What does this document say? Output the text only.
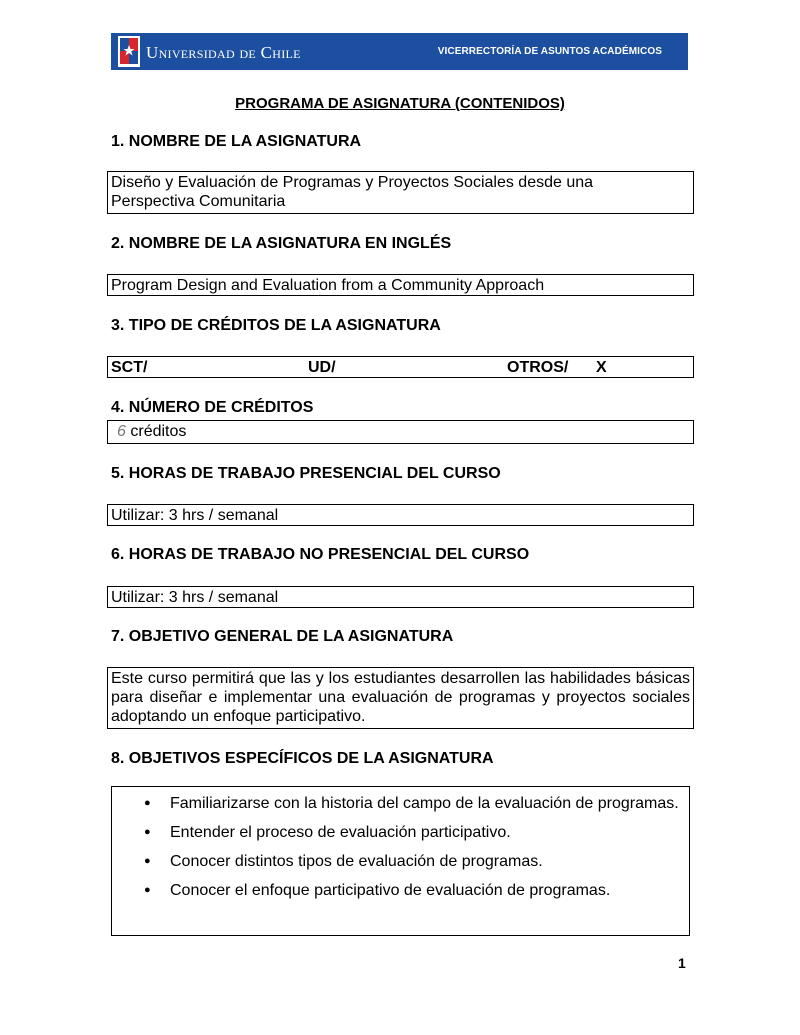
Universidad de Chile	VICERRECTORÍA DE ASUNTOS ACADÉMICOS
PROGRAMA DE ASIGNATURA (CONTENIDOS)
1. NOMBRE DE LA ASIGNATURA
Diseño y Evaluación de Programas y Proyectos Sociales desde una
Perspectiva Comunitaria
2. NOMBRE DE LA ASIGNATURA EN INGLÉS
Program Design and Evaluation from a Community Approach
3. TIPO DE CRÉDITOS DE LA ASIGNATURA
SCT/	UD/	OTROS/	X
4. NÚMERO DE CRÉDITOS
6 créditos
5. HORAS DE TRABAJO PRESENCIAL DEL CURSO
Utilizar: 3 hrs / semanal
6. HORAS DE TRABAJO NO PRESENCIAL DEL CURSO
Utilizar: 3 hrs / semanal
7. OBJETIVO GENERAL DE LA ASIGNATURA
Este curso permitirá que las y los estudiantes desarrollen las habilidades básicas para diseñar e implementar una evaluación de programas y proyectos sociales adoptando un enfoque participativo.
8. OBJETIVOS ESPECÍFICOS DE LA ASIGNATURA
● Familiarizarse con la historia del campo de la evaluación de programas.
● Entender el proceso de evaluación participativo.
● Conocer distintos tipos de evaluación de programas.
● Conocer el enfoque participativo de evaluación de programas.
1
